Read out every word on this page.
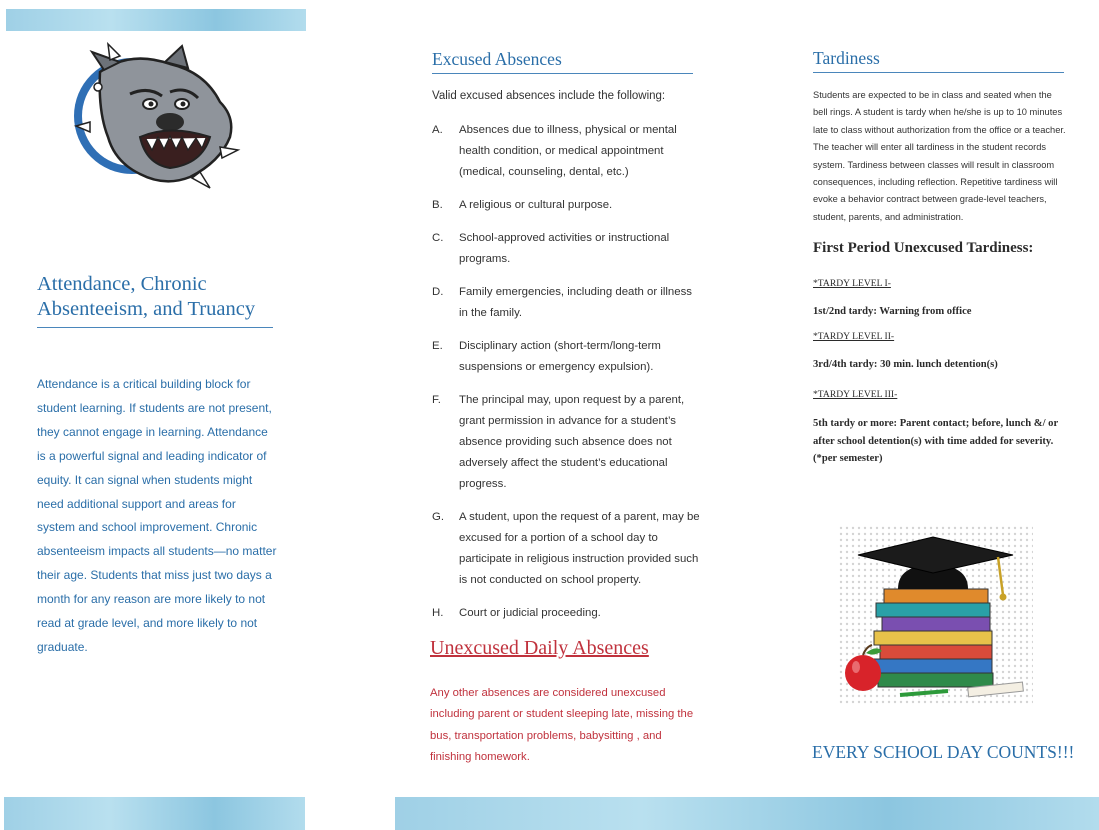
Attendance, Chronic Absenteeism, and Truancy
Attendance is a critical building block for student learning. If students are not present, they cannot engage in learning. Attendance is a powerful signal and leading indicator of equity. It can signal when students might need additional support and areas for system and school improvement. Chronic absenteeism impacts all students—no matter their age. Students that miss just two days a month for any reason are more likely to not read at grade level, and more likely to not graduate.
Excused Absences
Valid excused absences include the following:
A.	Absences due to illness, physical or mental health condition, or medical appointment (medical, counseling, dental, etc.)
B.	A religious or cultural purpose.
C.	School-approved activities or instructional programs.
D.	Family emergencies, including death or illness in the family.
E.	Disciplinary action (short-term/long-term suspensions or emergency expulsion).
F.	The principal may, upon request by a parent, grant permission in advance for a student’s absence providing such absence does not adversely affect the student’s educational progress.
G.	A student, upon the request of a parent, may be excused for a portion of a school day to participate in religious instruction provided such is not conducted on school property.
H.	Court or judicial proceeding.
Unexcused Daily Absences
Any other absences are considered unexcused including parent or student sleeping late, missing the bus, transportation problems, babysitting , and finishing homework.
Tardiness
Students are expected to be in class and seated when the bell rings. A student is tardy when he/she is up to 10 minutes late to class without authorization from the office or a teacher. The teacher will enter all tardiness in the student records system. Tardiness between classes will result in classroom consequences, including reflection. Repetitive tardiness will evoke a behavior contract between grade-level teachers, student, parents, and administration.
First Period Unexcused Tardiness:
*TARDY LEVEL I-
1st/2nd tardy: Warning from office
*TARDY LEVEL II-
3rd/4th tardy: 30 min. lunch detention(s)
*TARDY LEVEL III-
5th tardy or more: Parent contact; before, lunch &/ or after school detention(s) with time added for severity. (*per semester)
EVERY SCHOOL DAY COUNTS!!!
